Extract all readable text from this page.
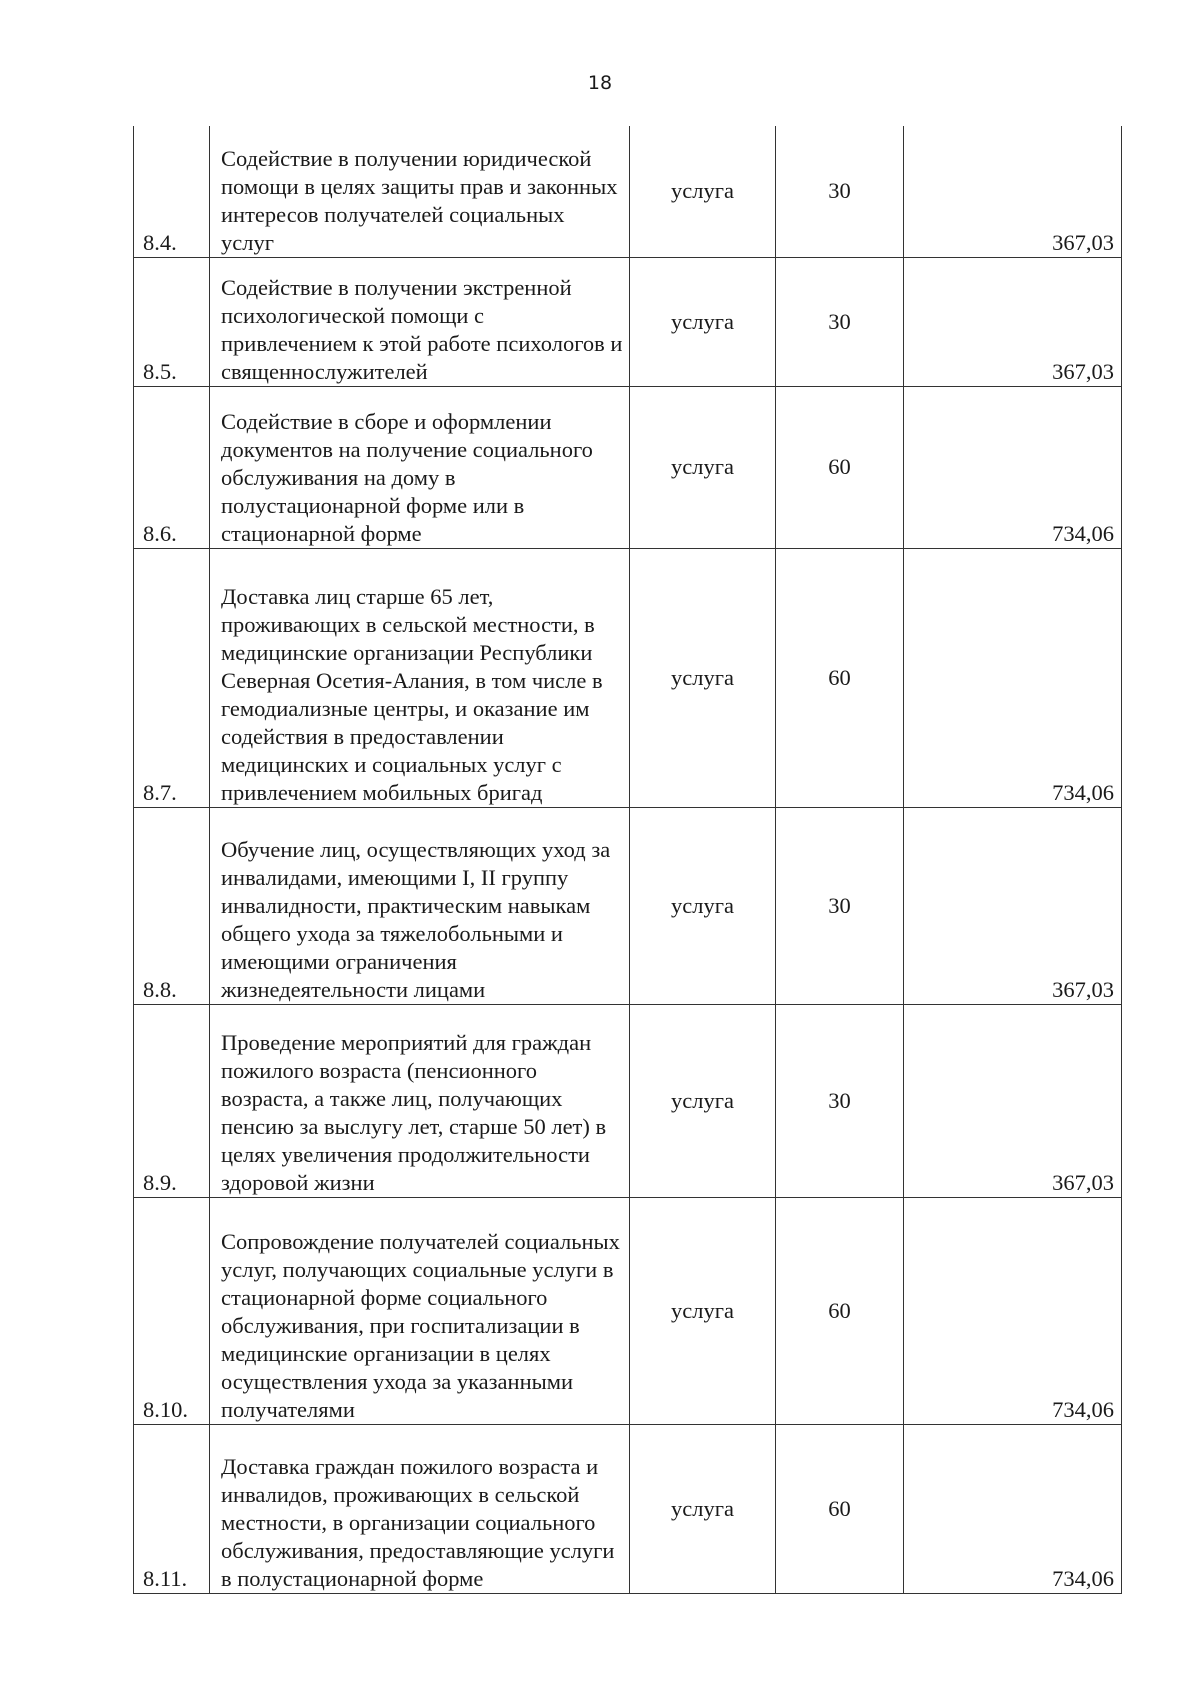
18
8.4.	Содействие в получении юридической помощи в целях защиты прав и законных интересов получателей социальных услуг	услуга	30	367,03
8.5.	Содействие в получении экстренной психологической помощи с привлечением к этой работе психологов и священнослужителей	услуга	30	367,03
8.6.	Содействие в сборе и оформлении документов на получение социального обслуживания на дому в полустационарной форме или в стационарной форме	услуга	60	734,06
8.7.	Доставка лиц старше 65 лет, проживающих в сельской местности, в медицинские организации Республики Северная Осетия-Алания, в том числе в гемодиализные центры, и оказание им содействия в предоставлении медицинских и социальных услуг с привлечением мобильных бригад	услуга	60	734,06
8.8.	Обучение лиц, осуществляющих уход за инвалидами, имеющими I, II группу инвалидности, практическим навыкам общего ухода за тяжелобольными и имеющими ограничения жизнедеятельности лицами	услуга	30	367,03
8.9.	Проведение мероприятий для граждан пожилого возраста (пенсионного возраста, а также лиц, получающих пенсию за выслугу лет, старше 50 лет) в целях увеличения продолжительности здоровой жизни	услуга	30	367,03
8.10.	Сопровождение получателей социальных услуг, получающих социальные услуги в стационарной форме социального обслуживания, при госпитализации в медицинские организации в целях осуществления ухода за указанными получателями	услуга	60	734,06
8.11.	Доставка граждан пожилого возраста и инвалидов, проживающих в сельской местности, в организации социального обслуживания, предоставляющие услуги в полустационарной форме	услуга	60	734,06
